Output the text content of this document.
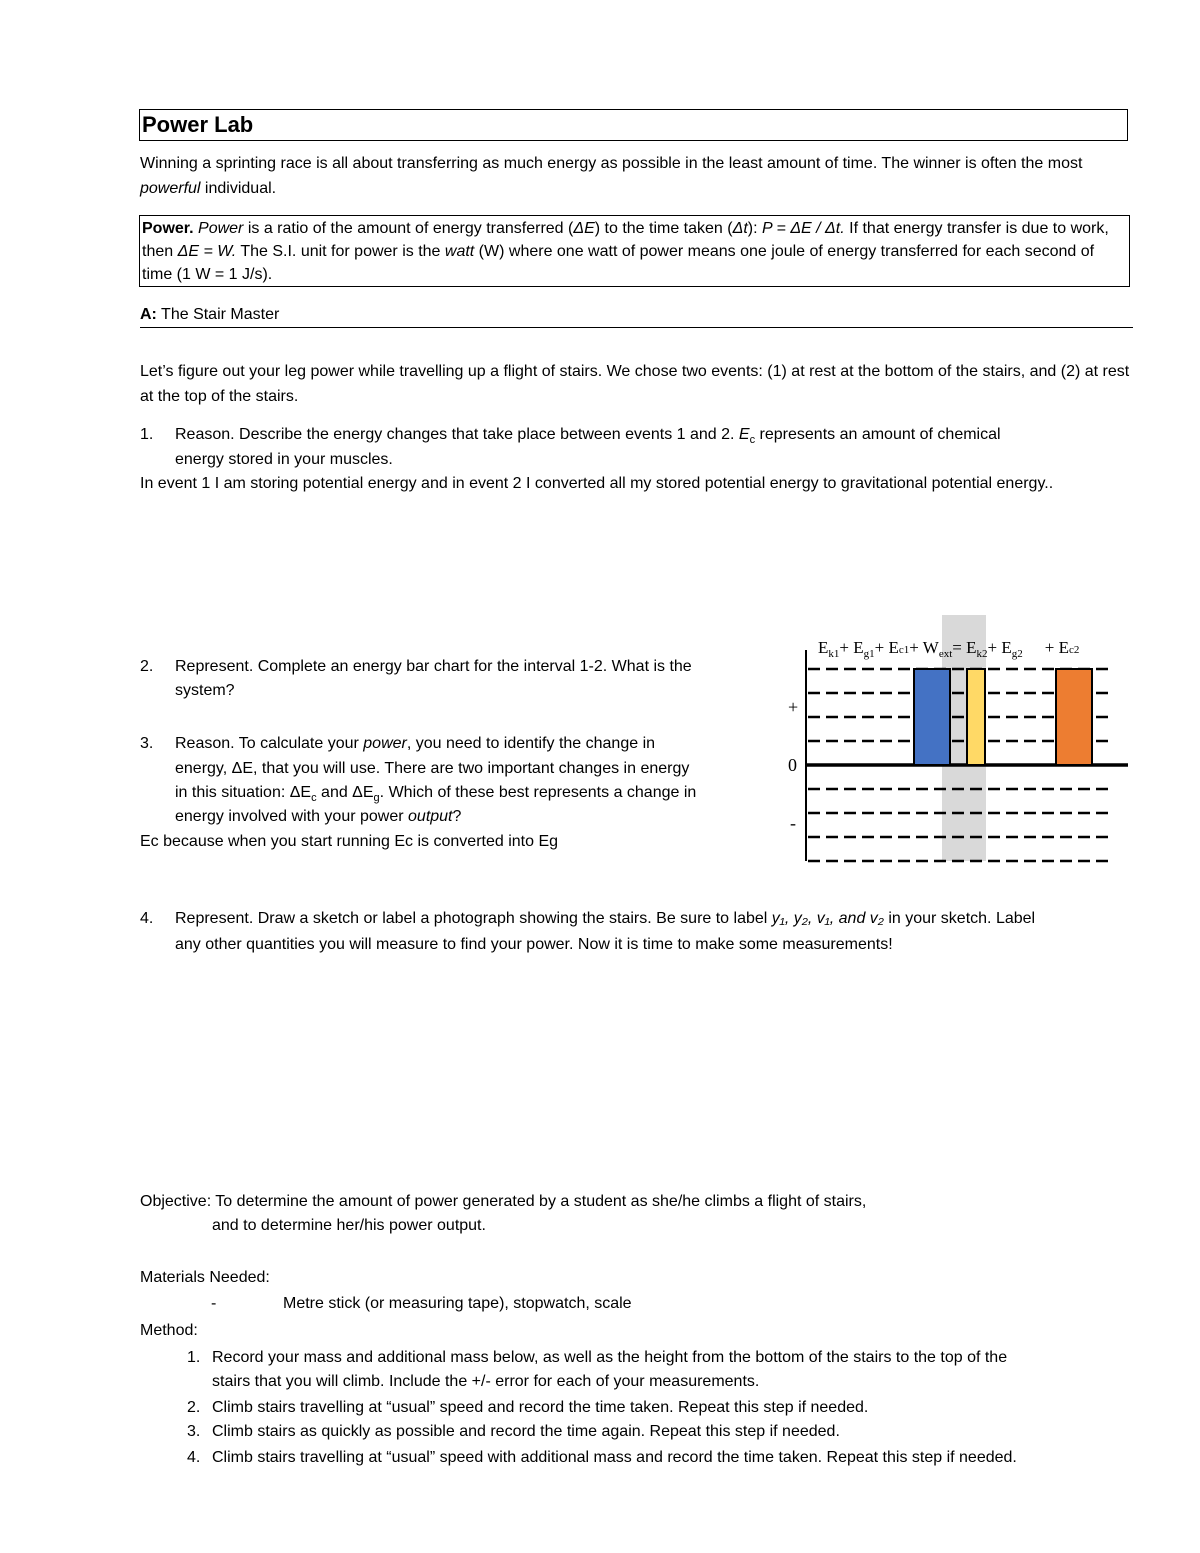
Power Lab
Winning a sprinting race is all about transferring as much energy as possible in the least amount of time. The winner is often the most powerful individual.
Power. Power is a ratio of the amount of energy transferred (ΔE) to the time taken (Δt): P = ΔE / Δt. If that energy transfer is due to work, then ΔE = W. The S.I. unit for power is the watt (W) where one watt of power means one joule of energy transferred for each second of time (1 W = 1 J/s).
A: The Stair Master
Let’s figure out your leg power while travelling up a flight of stairs. We chose two events: (1) at rest at the bottom of the stairs, and (2) at rest at the top of the stairs.
1. Reason. Describe the energy changes that take place between events 1 and 2. $E_c$ represents an amount of chemical
energy stored in your muscles.
In event 1 I am storing potential energy and in event 2 I converted all my stored potential energy to gravitational potential energy..
2. Represent. Complete an energy bar chart for the interval 1-2. What is the
system?
3. Reason. To calculate your power, you need to identify the change in
energy, ΔE, that you will use. There are two important changes in energy
in this situation: $\Delta E_c$ and $\Delta E_g$. Which of these best represents a change in
energy involved with your power output?
Ec because when you start running Ec is converted into Eg
+
0
-
$E_{k1}+ E_{g1}+ Ec1+ W_{ext}= E_{k2}+ E_{g2} + Ec2$
4. Represent. Draw a sketch or label a photograph showing the stairs. Be sure to label y₁, y₂, v₁, and v₂ in your sketch. Label
any other quantities you will measure to find your power. Now it is time to make some measurements!
Objective: To determine the amount of power generated by a student as she/he climbs a flight of stairs,
and to determine her/his power output.
Materials Needed:
-	Metre stick (or measuring tape), stopwatch, scale
Method:
1. Record your mass and additional mass below, as well as the height from the bottom of the stairs to the top of the
stairs that you will climb. Include the +/- error for each of your measurements.
2. Climb stairs travelling at “usual” speed and record the time taken. Repeat this step if needed.
3. Climb stairs as quickly as possible and record the time again. Repeat this step if needed.
4. Climb stairs travelling at “usual” speed with additional mass and record the time taken. Repeat this step if needed.
